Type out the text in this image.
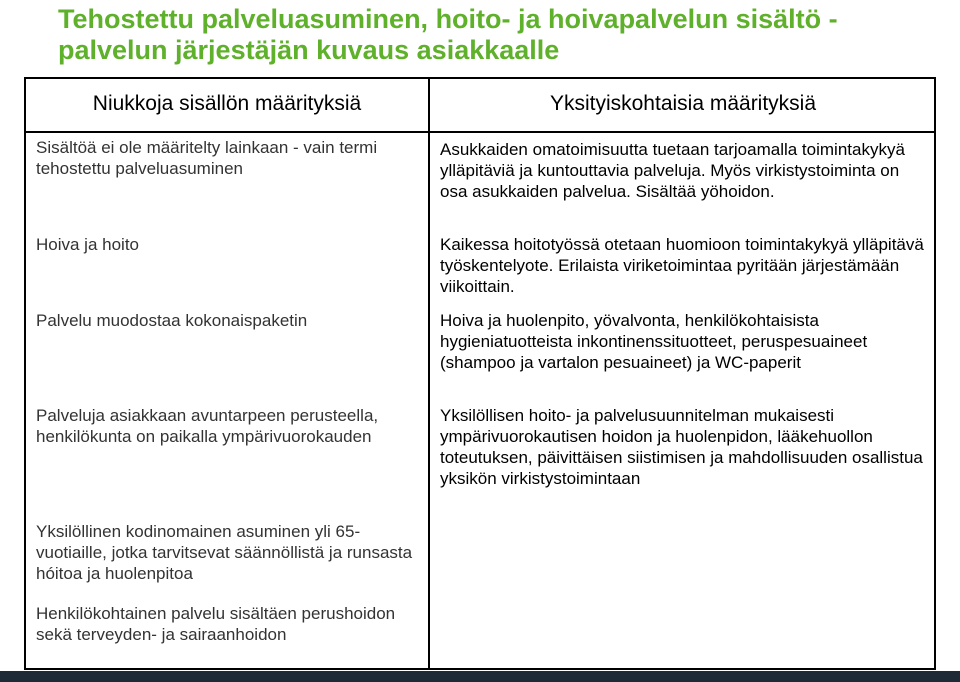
Tehostettu palveluasuminen, hoito- ja hoivapalvelun sisältö - palvelun järjestäjän kuvaus asiakkaalle
Niukkoja sisällön määrityksiä	Yksityiskohtaisia määrityksiä
Sisältöä ei ole määritelty lainkaan - vain termi tehostettu palveluasuminen
Hoiva ja hoito
Palvelu muodostaa kokonaispaketin
Palveluja asiakkaan avuntarpeen perusteella, henkilökunta on paikalla ympärivuorokauden
Yksilöllinen kodinomainen asuminen yli 65-vuotiaille, jotka tarvitsevat säännöllistä ja runsasta hóitoa ja huolenpitoa
Henkilökohtainen palvelu sisältäen perushoidon sekä terveyden- ja sairaanhoidon
Asukkaiden omatoimisuutta tuetaan tarjoamalla toimintakykyä ylläpitäviä ja kuntouttavia palveluja. Myös virkistystoiminta on osa asukkaiden palvelua. Sisältää yöhoidon.
Kaikessa hoitotyössä otetaan huomioon toimintakykyä ylläpitävä työskentelyote. Erilaista viriketoimintaa pyritään järjestämään viikoittain.
Hoiva ja huolenpito, yövalvonta, henkilökohtaisista hygieniatuotteista inkontinenssituotteet, peruspesuaineet (shampoo ja vartalon pesuaineet) ja WC-paperit
Yksilöllisen hoito- ja palvelusuunnitelman mukaisesti ympärivuorokautisen hoidon ja huolenpidon, lääkehuollon toteutuksen, päivittäisen siistimisen ja mahdollisuuden osallistua yksikön virkistystoimintaan
